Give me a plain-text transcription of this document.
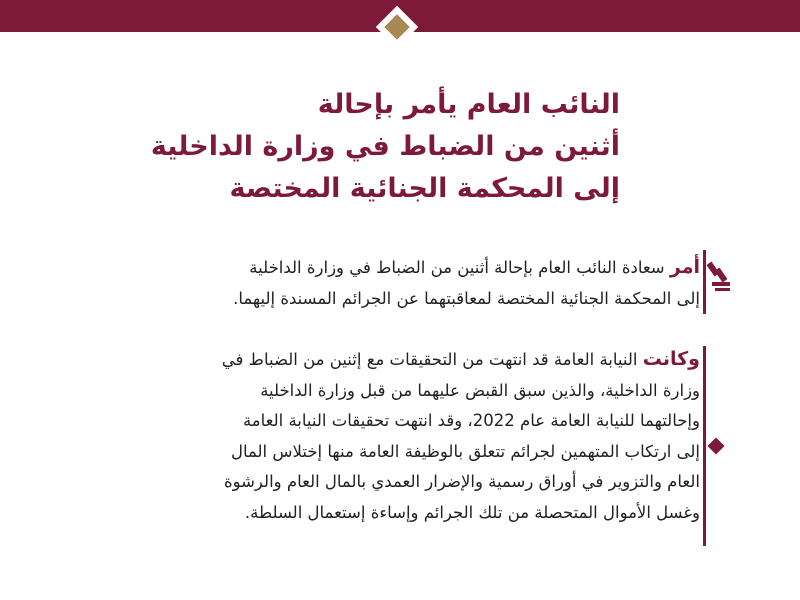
النائب العام يأمر بإحالة
أثنين من الضباط في وزارة الداخلية
إلى المحكمة الجنائية المختصة
أمر سعادة النائب العام بإحالة أثنين من الضباط في وزارة الداخلية
إلى المحكمة الجنائية المختصة لمعاقبتهما عن الجرائم المسندة إليهما.
وكانت النيابة العامة قد انتهت من التحقيقات مع إثنين من الضباط في
وزارة الداخلية، والذين سبق القبض عليهما من قبل وزارة الداخلية
وإحالتهما للنيابة العامة عام 2022، وقد انتهت تحقيقات النيابة العامة
إلى ارتكاب المتهمين لجرائم تتعلق بالوظيفة العامة منها إختلاس المال
العام والتزوير في أوراق رسمية والإضرار العمدي بالمال العام والرشوة
وغسل الأموال المتحصلة من تلك الجرائم وإساءة إستعمال السلطة.
